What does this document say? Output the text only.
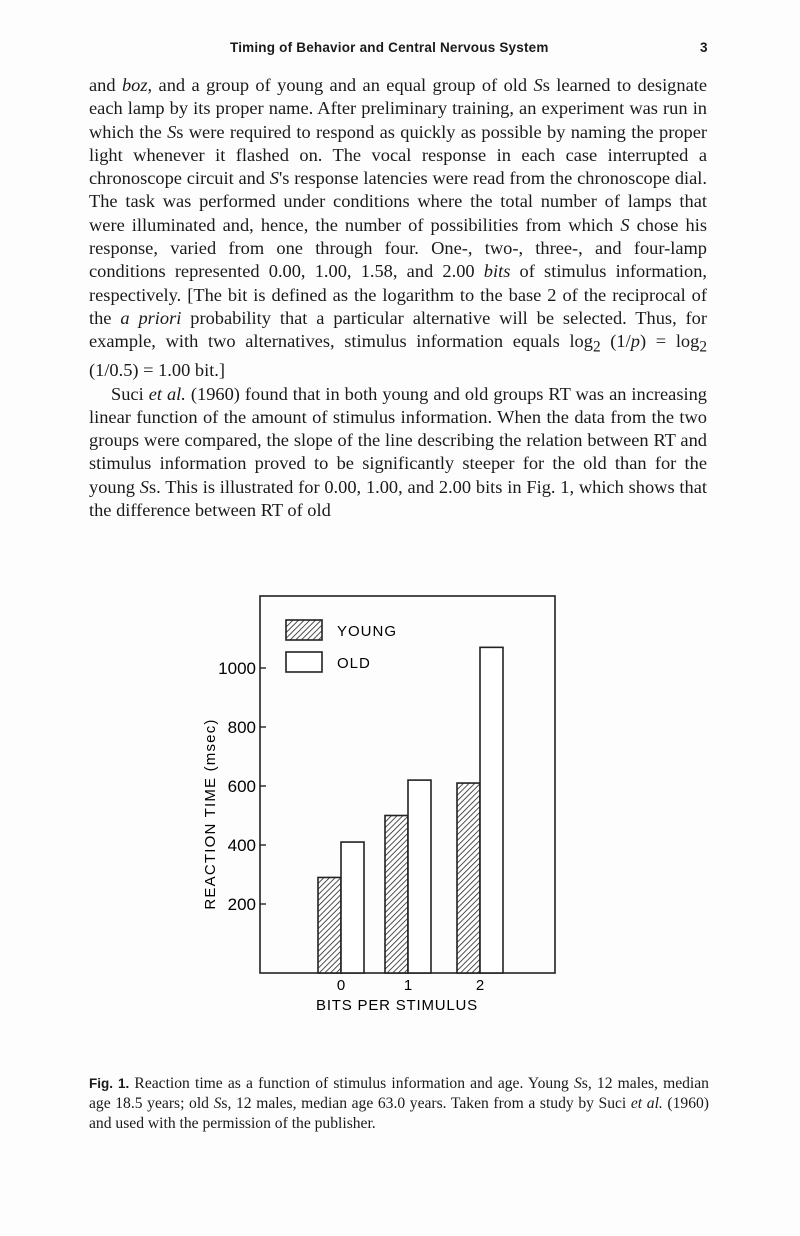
Timing of Behavior and Central Nervous System	3

and boz, and a group of young and an equal group of old Ss learned to designate each lamp by its proper name. After preliminary training, an experiment was run in which the Ss were required to respond as quickly as possible by naming the proper light whenever it flashed on. The vocal response in each case interrupted a chronoscope circuit and S's response latencies were read from the chronoscope dial. The task was performed under conditions where the total number of lamps that were illuminated and, hence, the number of possibilities from which S chose his response, varied from one through four. One-, two-, three-, and four-lamp conditions represented 0.00, 1.00, 1.58, and 2.00 bits of stimulus information, respectively. [The bit is defined as the logarithm to the base 2 of the reciprocal of the a priori probability that a particular alternative will be selected. Thus, for example, with two alternatives, stimulus information equals $\log_2 (1/p) = \log_2 (1/0.5) = 1.00$ bit.]

Suci et al. (1960) found that in both young and old groups RT was an increasing linear function of the amount of stimulus information. When the data from the two groups were compared, the slope of the line describing the relation between RT and stimulus information proved to be significantly steeper for the old than for the young Ss. This is illustrated for 0.00, 1.00, and 2.00 bits in Fig. 1, which shows that the difference between RT of old

200
400
600
800
1000
0	1	2
YOUNG
OLD
REACTION TIME (msec)
BITS PER STIMULUS
Fig. 1. Reaction time as a function of stimulus information and age. Young Ss, 12 males, median age 18.5 years; old Ss, 12 males, median age 63.0 years. Taken from a study by Suci et al. (1960) and used with the permission of the publisher.
